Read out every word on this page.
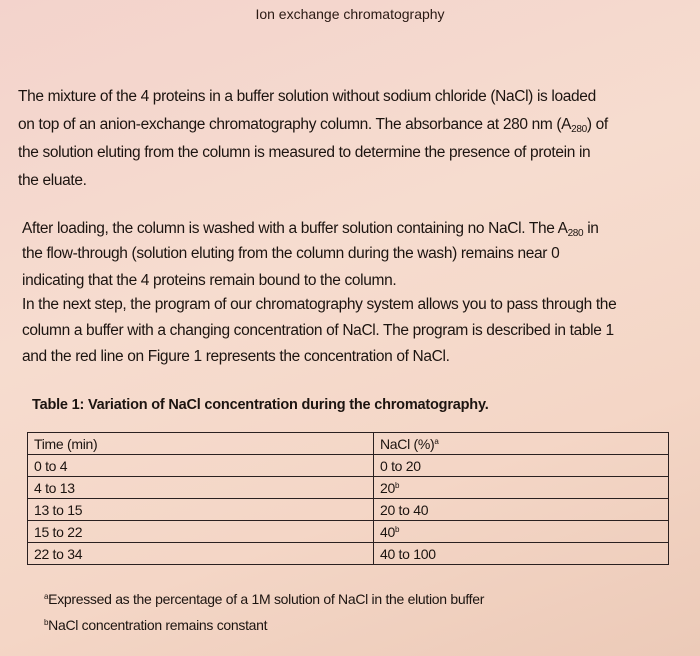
Ion exchange chromatography
The mixture of the 4 proteins in a buffer solution without sodium chloride (NaCl) is loaded
on top of an anion-exchange chromatography column. The absorbance at 280 nm $(A_{280})$ of
the solution eluting from the column is measured to determine the presence of protein in
the eluate.
After loading, the column is washed with a buffer solution containing no NaCl. The $A_{280}$ in
the flow-through (solution eluting from the column during the wash) remains near 0
indicating that the 4 proteins remain bound to the column.
In the next step, the program of our chromatography system allows you to pass through the
column a buffer with a changing concentration of NaCl. The program is described in table 1
and the red line on Figure 1 represents the concentration of NaCl.
Table 1: Variation of NaCl concentration during the chromatography.
Time (min)	NaCl (%)$^a$
0 to 4	0 to 20
4 to 13	20$^b$
13 to 15	20 to 40
15 to 22	40$^b$
22 to 34	40 to 100
$^a$Expressed as the percentage of a 1M solution of NaCl in the elution buffer
$^b$NaCl concentration remains constant
